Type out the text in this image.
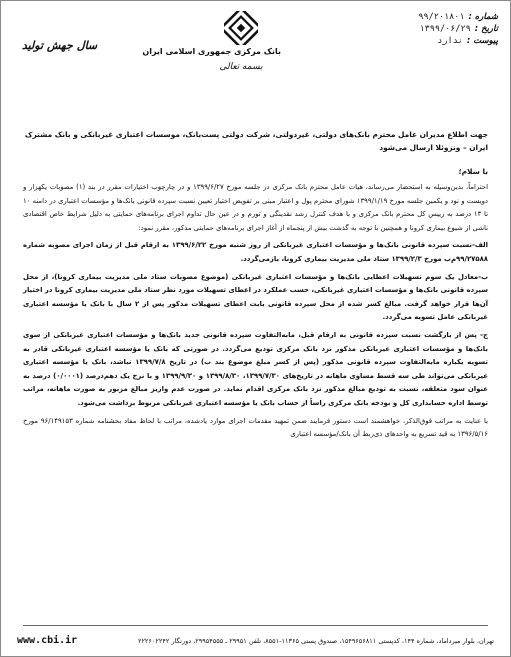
شماره :
۹۹/۲۰۱۸۰۱
تاریخ :
۱۳۹۹/۰۶/۲۹
پیوست :
ندارد
بانک مرکزی جمهوری اسلامی ایران
بسمه تعالی
سال جهش تولید
جهت اطلاع مدیران عامل محترم بانک‌های دولتی، غیردولتی، شرکت دولتی پست‌بانک، موسسات اعتباری غیربانکی و بانک مشترک ایران – ونزوئلا ارسال می‌شود
با سلام؛

احتراماً، بدین‌وسیله به استحضار می‌رساند، هیات عامل محترم بانک مرکزی در جلسه مورخ ۱۳۹۹/۶/۲۷ و در چارچوب اختیارات مقرر در بند (۱) مصوبات یکهزار و دویست و نود و یکمین جلسه مورخ ۱۳۹۹/۱/۱۹ شورای محترم پول و اعتبار مبنی بر تفویض اختیار تعیین نسبت سپرده قانونی بانک‌ها و مؤسسات اعتباری در دامنه ۱۰ تا ۱۳ درصد به رییس کل محترم بانک مرکزی و با هدف کنترل رشد نقدینگی و تورم و در عین حال تداوم اجرای برنامه‌های حمایتی به دلیل شرایط خاص اقتصادی ناشی از شیوع بیماری کرونا و همچنین با توجه به گذشت بیش از پنجماه از آغاز اجرای برنامه‌های حمایتی مذکور، مقرر نمود:

الف-نسبت سپرده قانونی بانک‌ها و مؤسسات اعتباری غیربانکی از روز شنبه مورخ ۱۳۹۹/۶/۲۲ به ارقام قبل از زمان اجرای مصوبه شماره ۹۹/۲۷۵۸۸م‌ب مورخ ۱۳۹۹/۲/۳ ستاد ملی مدیریت بیماری کرونا، بازمی‌گردد.

ب-معادل یک سوم تسهیلات اعطایی بانک‌ها و مؤسسات اعتباری غیربانکی (موضوع مصوبات ستاد ملی مدیریت بیماری کرونا)، از محل سپرده قانونی بانک‌ها و مؤسسات اعتباری غیربانکی، حسب عملکرد در اعطای تسهیلات مورد نظر ستاد ملی مدیریت بیماری کرونا در اختیار آن‌ها قرار خواهد گرفت. مبالغ کسر شده از محل سپرده قانونی بابت اعطای تسهیلات مذکور پس از ۲ سال با بانک یا مؤسسه اعتباری غیربانکی عامل تسویه می‌گردد.

ج- پس از بازگشت نسبت سپرده قانونی به ارقام قبل، مابه‌التفاوت سپرده قانونی جدید بانک‌ها و مؤسسات اعتباری غیربانکی از سوی بانک‌ها و مؤسسات اعتباری غیربانکی مذکور نزد بانک مرکزی تودیع می‌گردد. در صورتی که بانک یا مؤسسه اعتباری غیربانکی قادر به تسویه یکباره مابه‌التفاوت سپرده قانونی مذکور (پس از کسر مبلغ موضوع بند ب) در تاریخ ۱۳۹۹/۷/۸ نباشد، بانک یا مؤسسه اعتباری غیربانکی می‌تواند طی سه قسط مساوی ماهانه در تاریخ‌های ۱۳۹۹/۷/۳۰، ۱۳۹۹/۸/۳۰ و ۱۳۹۹/۹/۳۰ و با نرخ یک دهم‌درصد (۰/۰۰۰۱) درصد به عنوان سود متعلقه، نسبت به تودیع مبالغ مذکور نزد بانک مرکزی اقدام نماید. در صورت عدم واریز مبالغ مزبور به صورت ماهانه، مراتب توسط اداره حسابداری کل و بودجه بانک مرکزی راساً از حساب بانک یا مؤسسه اعتباری غیربانکی مربوط برداشت می‌شود.

با عنایت به مراتب فوق‌الذکر، خواهشمند است دستور فرمایند ضمن تمهید مقدمات اجرای موارد یادشده، مراتب با لحاظ مفاد بخشنامه شماره ۹۶/۱۴۹۱۵۳ مورخ ۱۳۹۶/۵/۱۶ به قید تسریع به واحدهای ذی‌ربط آن بانک/مؤسسه اعتباری

تهران، بلوار میرداماد، شماره ۱۴۴، کدپستی ۱۵۴۹۶۵۶۸۱۱، صندوق پستی ۱۱۳۶۵-۸۵۵۱، تلفن ۲۹۹۵۱ ـ ۲۹۹۵۴۵۵۵، دورنگار ۲۲۲۶۰۲۲۴۲
www.cbi.ir
